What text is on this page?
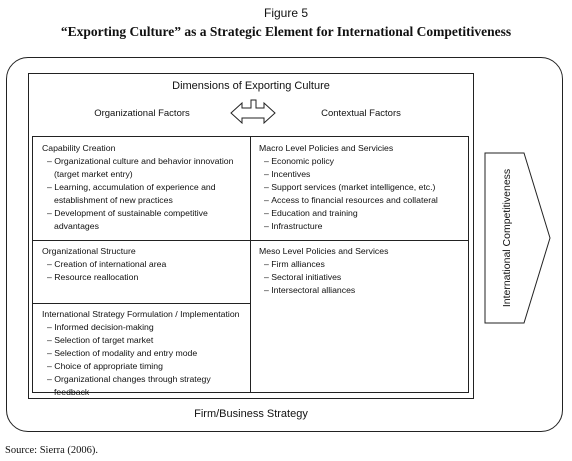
Figure 5
“Exporting Culture” as a Strategic Element for International Competitiveness
Dimensions of Exporting Culture
Organizational Factors	Contextual Factors
Capability Creation
– Organizational culture and behavior innovation (target market entry)
– Learning, accumulation of experience and establishment of new practices
– Development of sustainable competitive advantages
Macro Level Policies and Servicies
– Economic policy
– Incentives
– Support services (market intelligence, etc.)
– Access to financial resources and collateral
– Education and training
– Infrastructure
Organizational Structure
– Creation of international area
– Resource reallocation
Meso Level Policies and Services
– Firm alliances
– Sectoral initiatives
– Intersectoral alliances
International Strategy Formulation / Implementation
– Informed decision-making
– Selection of target market
– Selection of modality and entry mode
– Choice of appropriate timing
– Organizational changes through strategy feedback
Firm/Business Strategy
International Competitiveness
Source: Sierra (2006).
